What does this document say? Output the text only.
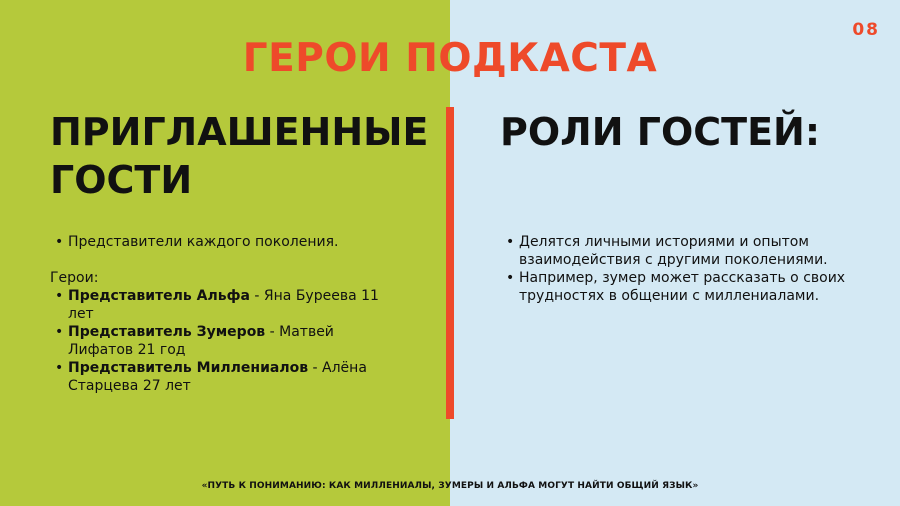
08
ГЕРОИ ПОДКАСТА
ПРИГЛАШЕННЫЕ
ГОСТИ
РОЛИ ГОСТЕЙ:
• Представители каждого поколения.
Герои:
• Представитель Альфа - Яна Буреева 11 лет
• Представитель Зумеров - Матвей Лифатов 21 год
• Представитель Миллениалов - Алёна Старцева 27 лет
• Делятся личными историями и опытом взаимодействия с другими поколениями.
• Например, зумер может рассказать о своих трудностях в общении с миллениалами.
«ПУТЬ К ПОНИМАНИЮ: КАК МИЛЛЕНИАЛЫ, ЗУМЕРЫ И АЛЬФА МОГУТ НАЙТИ ОБЩИЙ ЯЗЫК»
